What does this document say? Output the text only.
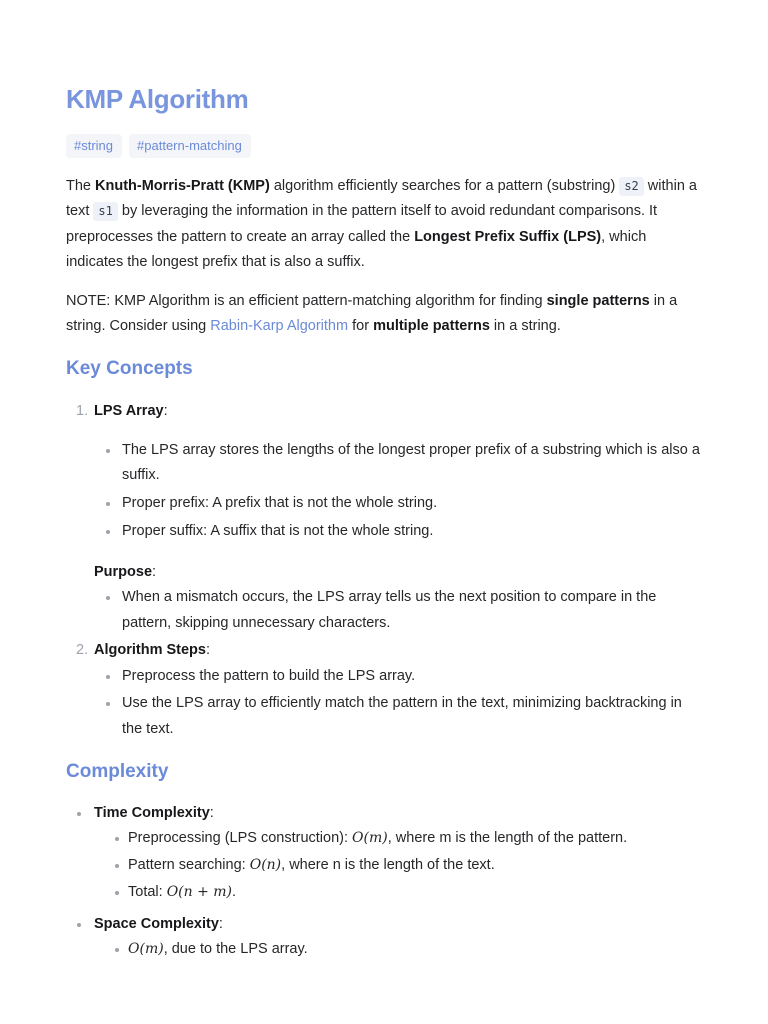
KMP Algorithm
#string	#pattern-matching

The Knuth-Morris-Pratt (KMP) algorithm efficiently searches for a pattern (substring) s2 within a text s1 by leveraging the information in the pattern itself to avoid redundant comparisons. It preprocesses the pattern to create an array called the Longest Prefix Suffix (LPS), which indicates the longest prefix that is also a suffix.

NOTE: KMP Algorithm is an efficient pattern-matching algorithm for finding single patterns in a string. Consider using Rabin-Karp Algorithm for multiple patterns in a string.

Key Concepts
1. LPS Array:
The LPS array stores the lengths of the longest proper prefix of a substring which is also a suffix.
Proper prefix: A prefix that is not the whole string.
Proper suffix: A suffix that is not the whole string.
Purpose:
When a mismatch occurs, the LPS array tells us the next position to compare in the pattern, skipping unnecessary characters.
2. Algorithm Steps:
Preprocess the pattern to build the LPS array.
Use the LPS array to efficiently match the pattern in the text, minimizing backtracking in the text.
Complexity
Time Complexity:
Preprocessing (LPS construction): O(m), where m is the length of the pattern.
Pattern searching: O(n), where n is the length of the text.
Total: O(n + m).
Space Complexity:
O(m), due to the LPS array.
